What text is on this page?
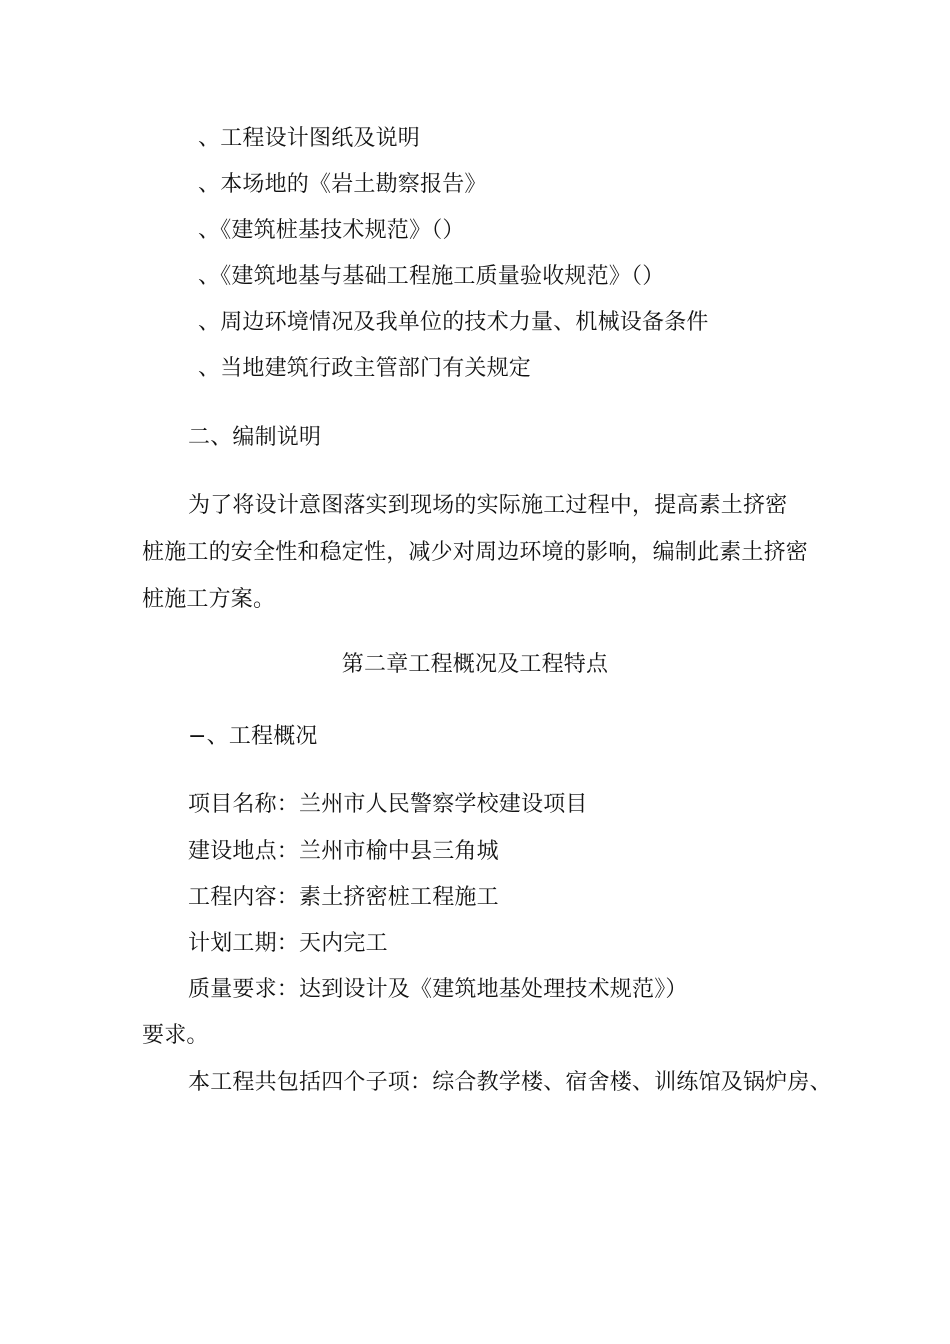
、工程设计图纸及说明
、本场地的《岩土勘察报告》
、《建筑桩基技术规范》（）
、《建筑地基与基础工程施工质量验收规范》（）
、周边环境情况及我单位的技术力量、机械设备条件
、当地建筑行政主管部门有关规定
二、编制说明
为了将设计意图落实到现场的实际施工过程中，提高素土挤密
桩施工的安全性和稳定性，减少对周边环境的影响，编制此素土挤密
桩施工方案。
第二章工程概况及工程特点
−、工程概况
项目名称：兰州市人民警察学校建设项目
建设地点：兰州市榆中县三角城
工程内容：素土挤密桩工程施工
计划工期：天内完工
质量要求：达到设计及《建筑地基处理技术规范》）
要求。
本工程共包括四个子项：综合教学楼、宿舍楼、训练馆及锅炉房、
